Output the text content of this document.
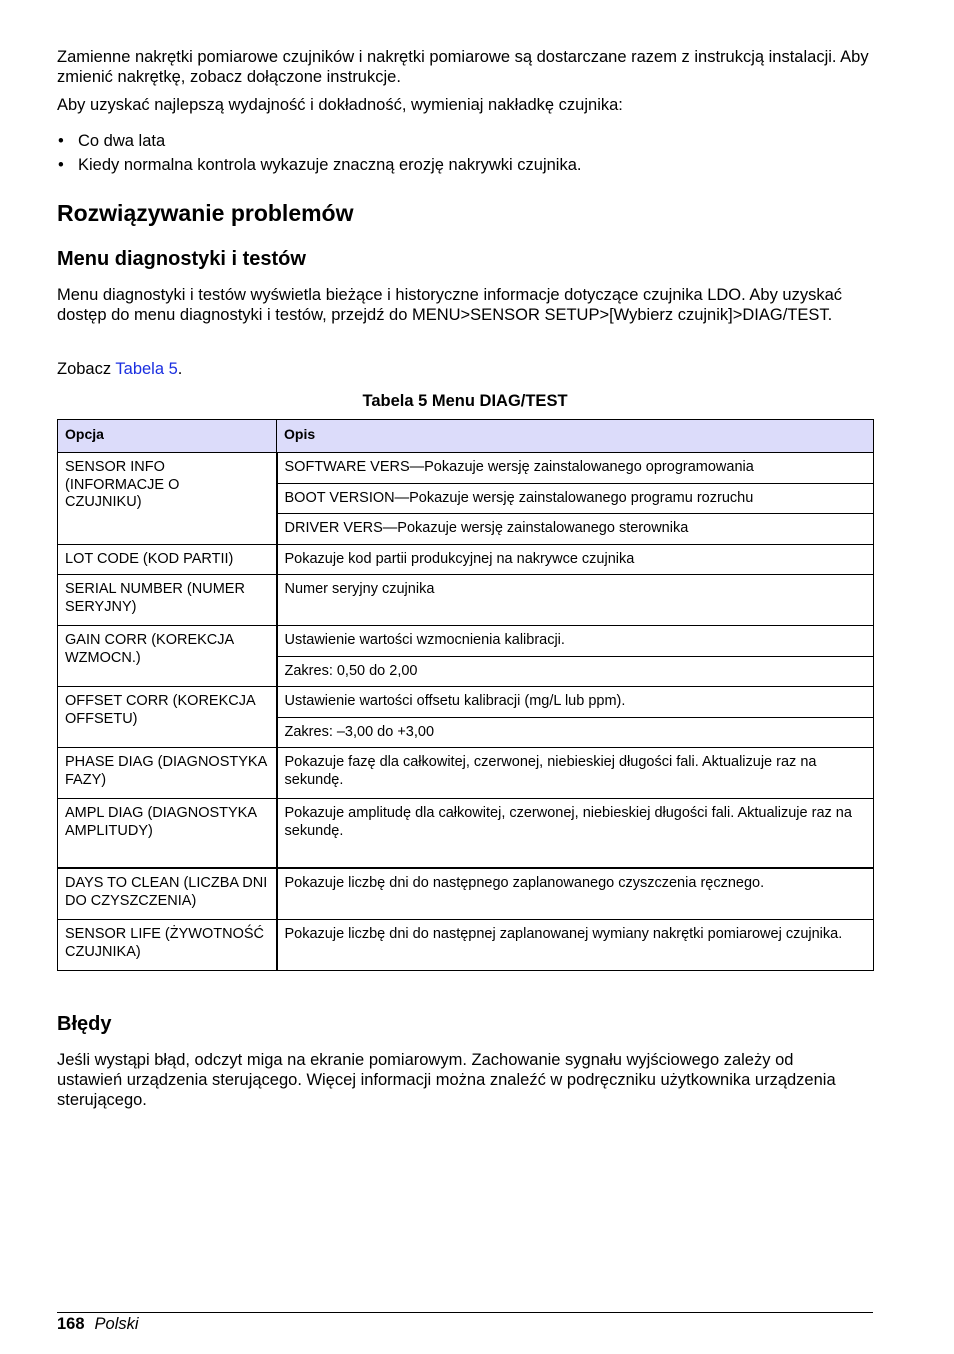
Zamienne nakrętki pomiarowe czujników i nakrętki pomiarowe są dostarczane razem z instrukcją instalacji. Aby zmienić nakrętkę, zobacz dołączone instrukcje.

Aby uzyskać najlepszą wydajność i dokładność, wymieniaj nakładkę czujnika:

• Co dwa lata
• Kiedy normalna kontrola wykazuje znaczną erozję nakrywki czujnika.
Rozwiązywanie problemów
Menu diagnostyki i testów

Menu diagnostyki i testów wyświetla bieżące i historyczne informacje dotyczące czujnika LDO. Aby uzyskać dostęp do menu diagnostyki i testów, przejdź do MENU>SENSOR SETUP>[Wybierz czujnik]>DIAG/TEST.

Zobacz Tabela 5.

Tabela 5 Menu DIAG/TEST
Opcja	Opis
SENSOR INFO (INFORMACJE O CZUJNIKU)	SOFTWARE VERS—Pokazuje wersję zainstalowanego oprogramowania
	BOOT VERSION—Pokazuje wersję zainstalowanego programu rozruchu
	DRIVER VERS—Pokazuje wersję zainstalowanego sterownika
LOT CODE (KOD PARTII)	Pokazuje kod partii produkcyjnej na nakrywce czujnika
SERIAL NUMBER (NUMER SERYJNY)	Numer seryjny czujnika
GAIN CORR (KOREKCJA WZMOCN.)	Ustawienie wartości wzmocnienia kalibracji.
	Zakres: 0,50 do 2,00
OFFSET CORR (KOREKCJA OFFSETU)	Ustawienie wartości offsetu kalibracji (mg/L lub ppm).
	Zakres: –3,00 do +3,00
PHASE DIAG (DIAGNOSTYKA FAZY)	Pokazuje fazę dla całkowitej, czerwonej, niebieskiej długości fali. Aktualizuje raz na sekundę.
AMPL DIAG (DIAGNOSTYKA AMPLITUDY)	Pokazuje amplitudę dla całkowitej, czerwonej, niebieskiej długości fali. Aktualizuje raz na sekundę.
DAYS TO CLEAN (LICZBA DNI DO CZYSZCZENIA)	Pokazuje liczbę dni do następnego zaplanowanego czyszczenia ręcznego.
SENSOR LIFE (ŻYWOTNOŚĆ CZUJNIKA)	Pokazuje liczbę dni do następnej zaplanowanej wymiany nakrętki pomiarowej czujnika.
Błędy

Jeśli wystąpi błąd, odczyt miga na ekranie pomiarowym. Zachowanie sygnału wyjściowego zależy od ustawień urządzenia sterującego. Więcej informacji można znaleźć w podręczniku użytkownika urządzenia sterującego.

168 Polski
